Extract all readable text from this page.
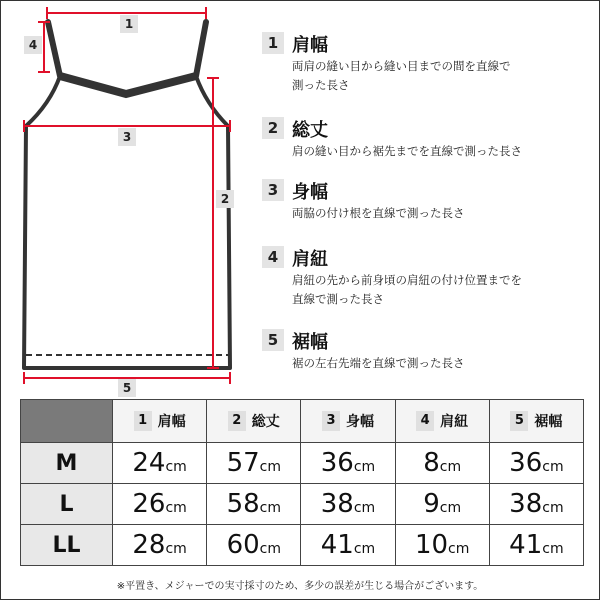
1
2
3
4
5
1 肩幅
両肩の縫い目から縫い目までの間を直線で
測った長さ
2 総丈
肩の縫い目から裾先までを直線で測った長さ
3 身幅
両脇の付け根を直線で測った長さ
4 肩紐
肩紐の先から前身頃の肩紐の付け位置までを
直線で測った長さ
5 裾幅
裾の左右先端を直線で測った長さ
	1 肩幅	2 総丈	3 身幅	4 肩紐	5 裾幅
M	24cm	57cm	36cm	8cm	36cm
L	26cm	58cm	38cm	9cm	38cm
LL	28cm	60cm	41cm	10cm	41cm
※平置き、メジャーでの実寸採寸のため、多少の誤差が生じる場合がございます。
